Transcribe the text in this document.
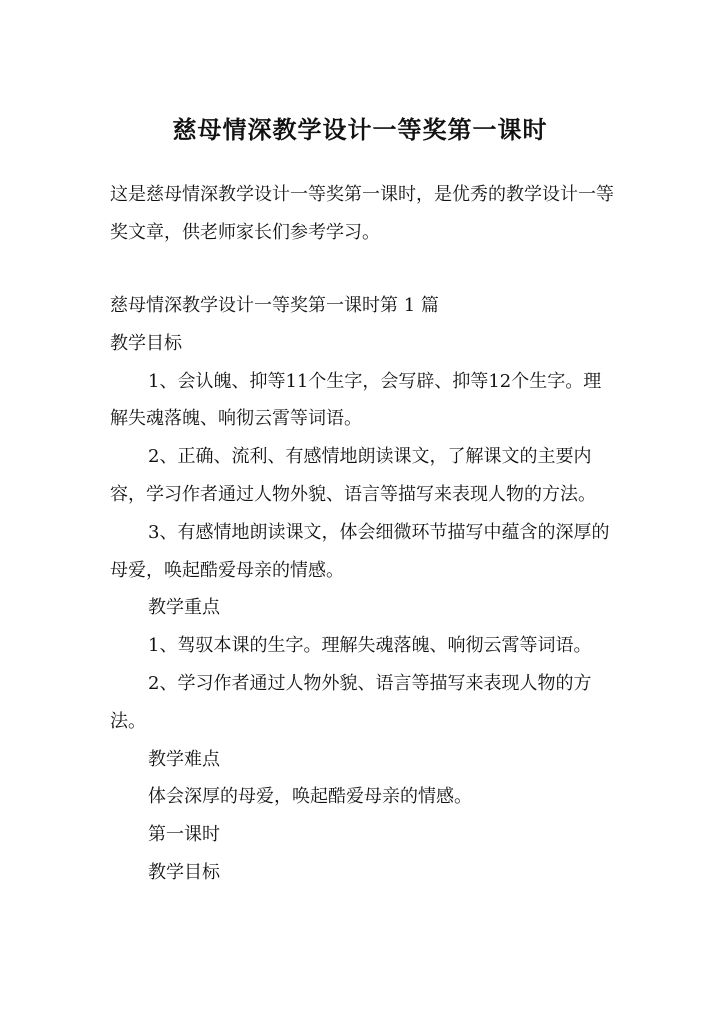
慈母情深教学设计一等奖第一课时

这是慈母情深教学设计一等奖第一课时，是优秀的教学设计一等奖文章，供老师家长们参考学习。

慈母情深教学设计一等奖第一课时第 1 篇

教学目标

1、会认魄、抑等11个生字，会写辟、抑等12个生字。理解失魂落魄、响彻云霄等词语。

2、正确、流利、有感情地朗读课文，了解课文的主要内容，学习作者通过人物外貌、语言等描写来表现人物的方法。

3、有感情地朗读课文，体会细微环节描写中蕴含的深厚的母爱，唤起酷爱母亲的情感。

教学重点

1、驾驭本课的生字。理解失魂落魄、响彻云霄等词语。

2、学习作者通过人物外貌、语言等描写来表现人物的方法。

教学难点

体会深厚的母爱，唤起酷爱母亲的情感。

第一课时

教学目标
